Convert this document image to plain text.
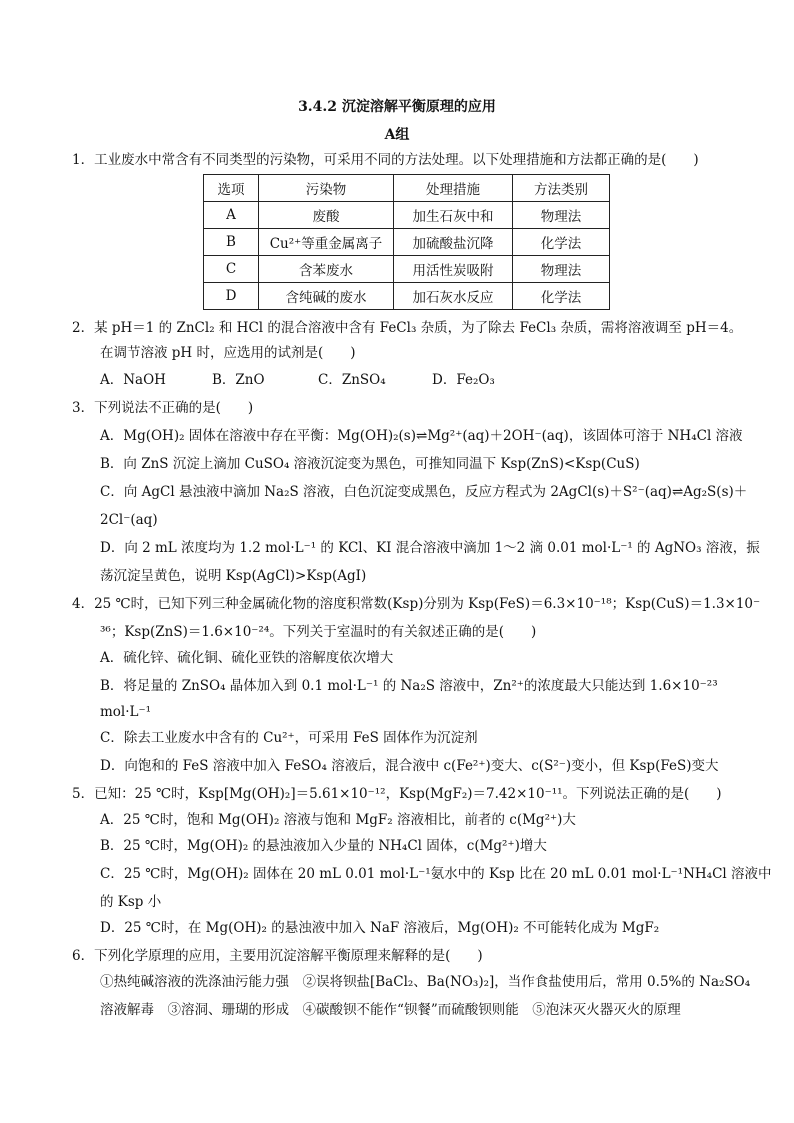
3.4.2 沉淀溶解平衡原理的应用
A组
1．工业废水中常含有不同类型的污染物，可采用不同的方法处理。以下处理措施和方法都正确的是(　　)
选项	污染物	处理措施	方法类别
A	废酸	加生石灰中和	物理法
B	Cu²⁺等重金属离子	加硫酸盐沉降	化学法
C	含苯废水	用活性炭吸附	物理法
D	含纯碱的废水	加石灰水反应	化学法
2．某 pH＝1 的 ZnCl₂ 和 HCl 的混合溶液中含有 FeCl₃ 杂质，为了除去 FeCl₃ 杂质，需将溶液调至 pH＝4。
在调节溶液 pH 时，应选用的试剂是(　　)
A．NaOH	B．ZnO	C．ZnSO₄	D．Fe₂O₃
3．下列说法不正确的是(　　)
A．Mg(OH)₂ 固体在溶液中存在平衡：Mg(OH)₂(s)⇌Mg²⁺(aq)＋2OH⁻(aq)，该固体可溶于 NH₄Cl 溶液
B．向 ZnS 沉淀上滴加 CuSO₄ 溶液沉淀变为黑色，可推知同温下 Ksp(ZnS)<Ksp(CuS)
C．向 AgCl 悬浊液中滴加 Na₂S 溶液，白色沉淀变成黑色，反应方程式为 2AgCl(s)＋S²⁻(aq)⇌Ag₂S(s)＋
2Cl⁻(aq)
D．向 2 mL 浓度均为 1.2 mol·L⁻¹ 的 KCl、KI 混合溶液中滴加 1～2 滴 0.01 mol·L⁻¹ 的 AgNO₃ 溶液，振
荡沉淀呈黄色，说明 Ksp(AgCl)>Ksp(AgI)
4．25 ℃时，已知下列三种金属硫化物的溶度积常数(Ksp)分别为 Ksp(FeS)＝6.3×10⁻¹⁸；Ksp(CuS)＝1.3×10⁻
³⁶；Ksp(ZnS)＝1.6×10⁻²⁴。下列关于室温时的有关叙述正确的是(　　)
A．硫化锌、硫化铜、硫化亚铁的溶解度依次增大
B．将足量的 ZnSO₄ 晶体加入到 0.1 mol·L⁻¹ 的 Na₂S 溶液中，Zn²⁺的浓度最大只能达到 1.6×10⁻²³
mol·L⁻¹
C．除去工业废水中含有的 Cu²⁺，可采用 FeS 固体作为沉淀剂
D．向饱和的 FeS 溶液中加入 FeSO₄ 溶液后，混合液中 c(Fe²⁺)变大、c(S²⁻)变小，但 Ksp(FeS)变大
5．已知：25 ℃时，Ksp[Mg(OH)₂]＝5.61×10⁻¹²，Ksp(MgF₂)＝7.42×10⁻¹¹。下列说法正确的是(　　)
A．25 ℃时，饱和 Mg(OH)₂ 溶液与饱和 MgF₂ 溶液相比，前者的 c(Mg²⁺)大
B．25 ℃时，Mg(OH)₂ 的悬浊液加入少量的 NH₄Cl 固体，c(Mg²⁺)增大
C．25 ℃时，Mg(OH)₂ 固体在 20 mL 0.01 mol·L⁻¹氨水中的 Ksp 比在 20 mL 0.01 mol·L⁻¹NH₄Cl 溶液中
的 Ksp 小
D．25 ℃时，在 Mg(OH)₂ 的悬浊液中加入 NaF 溶液后，Mg(OH)₂ 不可能转化成为 MgF₂
6．下列化学原理的应用，主要用沉淀溶解平衡原理来解释的是(　　)
①热纯碱溶液的洗涤油污能力强　②误将钡盐[BaCl₂、Ba(NO₃)₂]，当作食盐使用后，常用 0.5%的 Na₂SO₄
溶液解毒　③溶洞、珊瑚的形成　④碳酸钡不能作“钡餐”而硫酸钡则能　⑤泡沫灭火器灭火的原理
